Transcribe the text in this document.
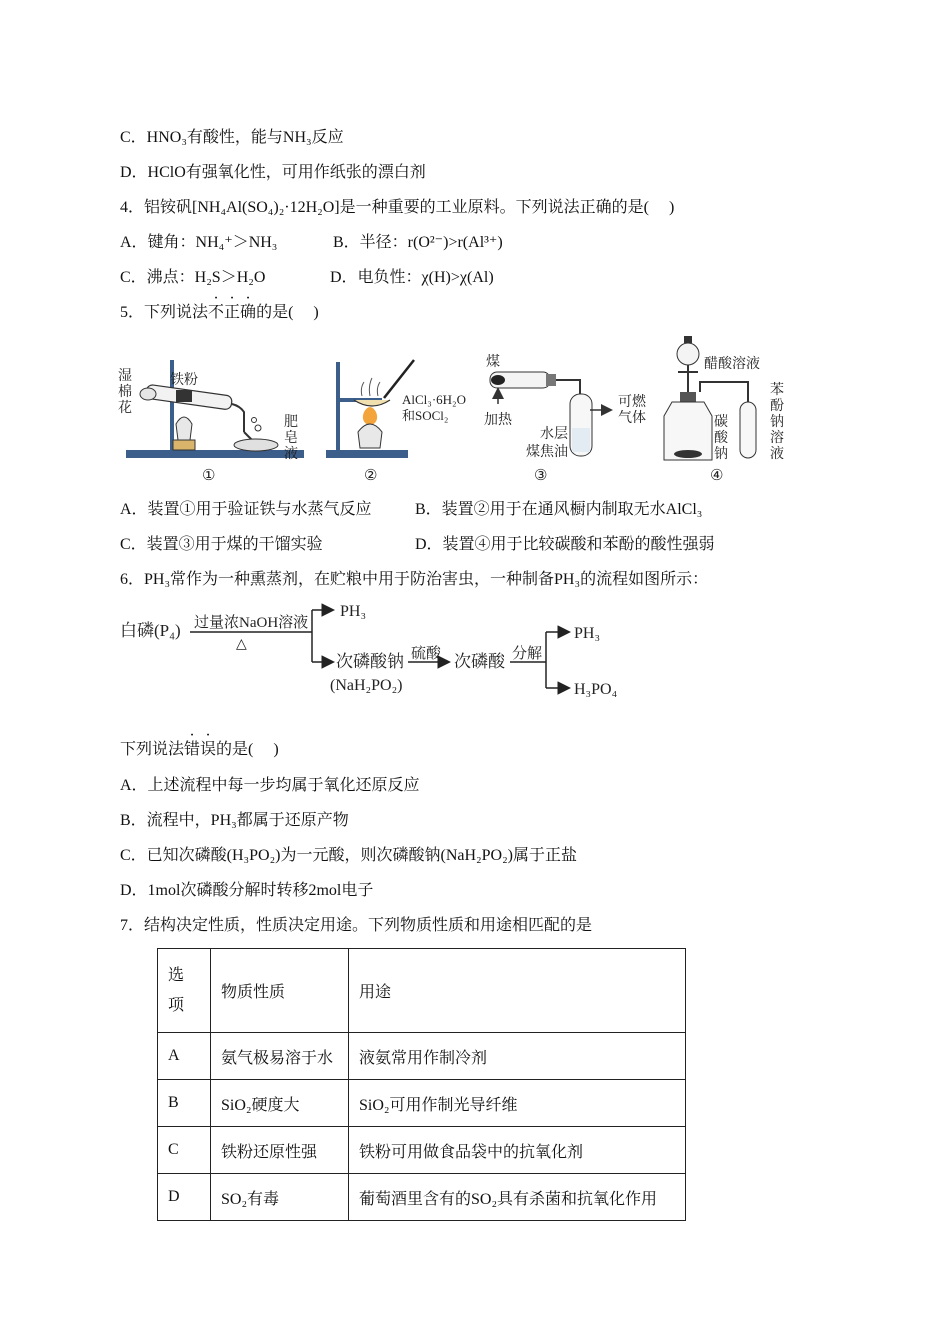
C．HNO₃有酸性，能与NH₃反应
D．HClO有强氧化性，可用作纸张的漂白剂
4．铝铵矾[NH₄Al(SO₄)₂·12H₂O]是一种重要的工业原料。下列说法正确的是(　 )
A．键角：NH₄⁺＞NH₃	B．半径：r(O²⁻)>r(Al³⁺)
C．沸点：H₂S＞H₂O	D．电负性：χ(H)>χ(Al)
5．下列说法不正确的是(　 )
湿
棉
花
铁粉
肥
皂
液
①
AlCl₃·6H₂O
和SOCl₂
②
煤
加热
可燃
气体
水层
煤焦油
③
醋酸溶液
碳
酸
钠
苯
酚
钠
溶
液
④
A．装置①用于验证铁与水蒸气反应	B．装置②用于在通风橱内制取无水AlCl₃
C．装置③用于煤的干馏实验	D．装置④用于比较碳酸和苯酚的酸性强弱
6．PH₃常作为一种熏蒸剂，在贮粮中用于防治害虫，一种制备PH₃的流程如图所示：
白磷(P₄) 过量浓NaOH溶液
△
PH₃
次磷酸钠
(NaH₂PO₂)
硫酸 次磷酸 分解
PH₃
H₃PO₄
下列说法错误的是(　 )
A．上述流程中每一步均属于氧化还原反应
B．流程中，PH₃都属于还原产物
C．已知次磷酸(H₃PO₂)为一元酸，则次磷酸钠(NaH₂PO₂)属于正盐
D．1mol次磷酸分解时转移2mol电子
7．结构决定性质，性质决定用途。下列物质性质和用途相匹配的是
选
项	物质性质	用途
A	氨气极易溶于水	液氨常用作制冷剂
B	SiO₂硬度大	SiO₂可用作制光导纤维
C	铁粉还原性强	铁粉可用做食品袋中的抗氧化剂
D	SO₂有毒	葡萄酒里含有的SO₂具有杀菌和抗氧化作用
